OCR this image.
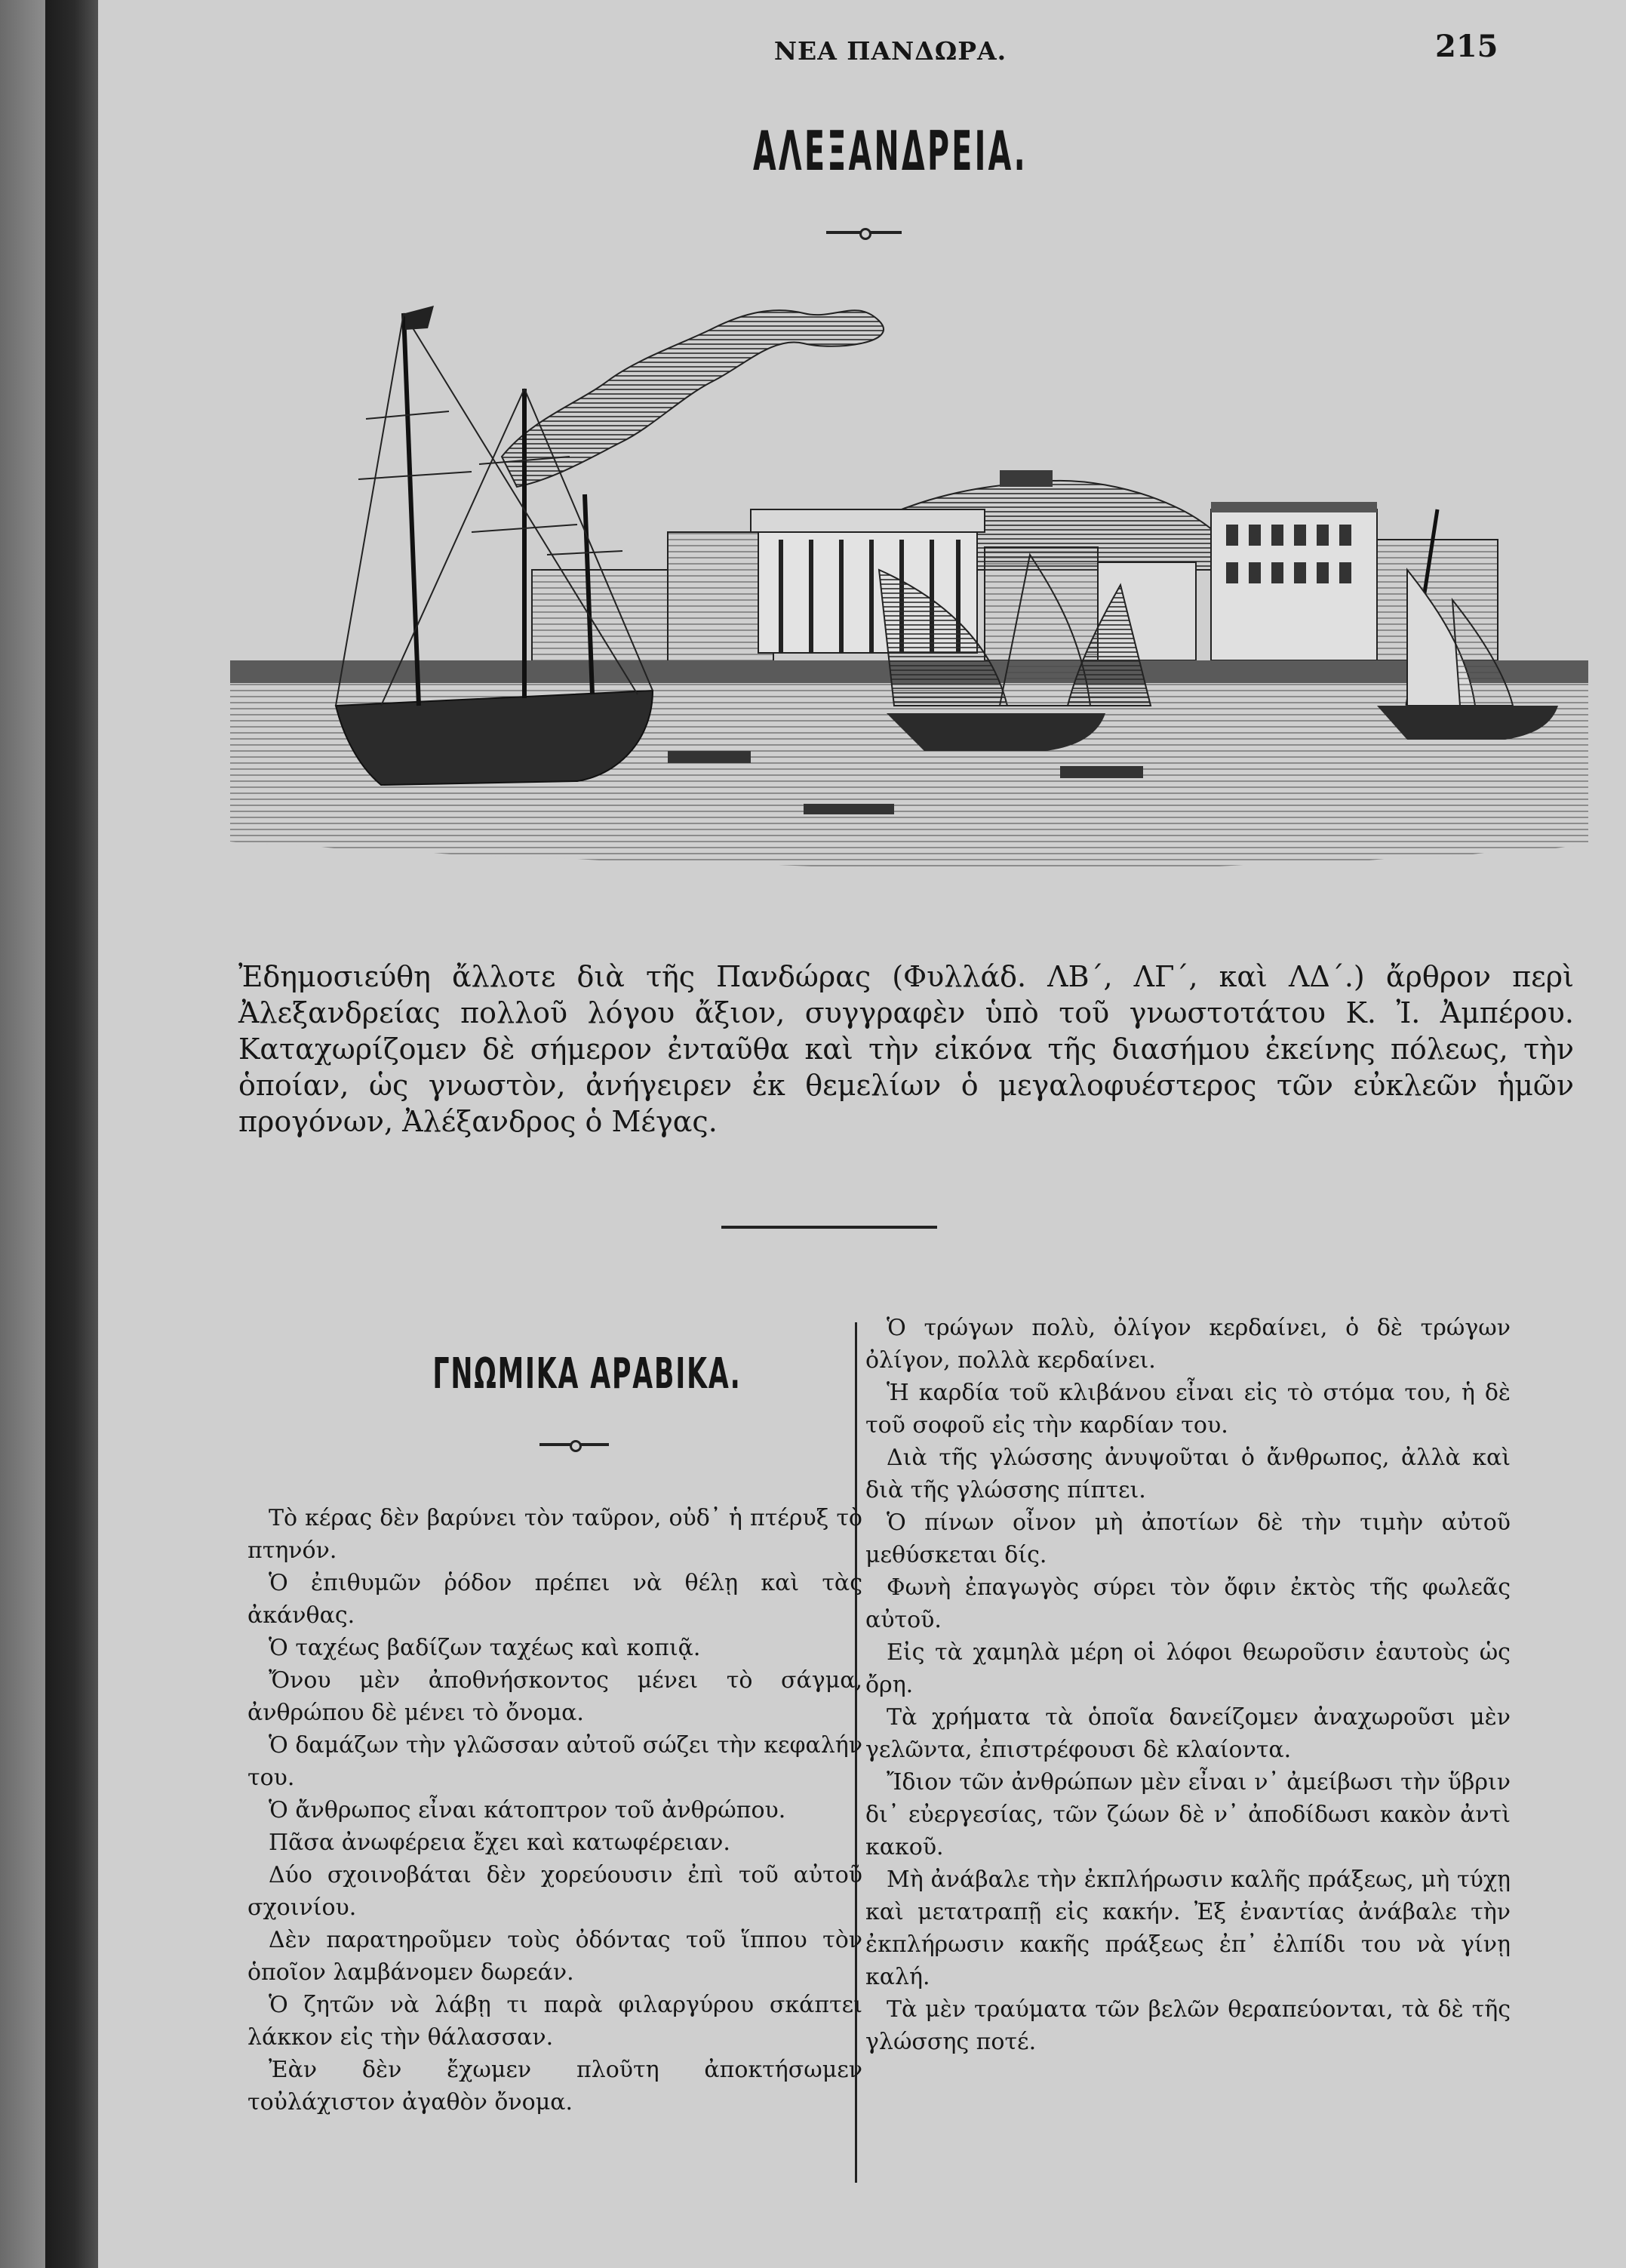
ΝΕΑ ΠΑΝΔΩΡΑ.	215
ΑΛΕΞΑΝΔΡΕΙΑ.
Ἐδημοσιεύθη ἄλλοτε διὰ τῆς Πανδώρας (Φυλλάδ. ΛΒ΄, ΛΓ΄, καὶ ΛΔ΄.) ἄρθρον περὶ Ἀλεξανδρείας πολλοῦ λόγου ἄξιον, συγγραφὲν ὑπὸ τοῦ γνωστοτάτου Κ. Ἰ. Ἀμπέρου. Καταχωρίζομεν δὲ σήμερον ἐνταῦθα καὶ τὴν εἰκόνα τῆς διασήμου ἐκείνης πόλεως, τὴν ὁποίαν, ὡς γνωστὸν, ἀνήγειρεν ἐκ θεμελίων ὁ μεγαλοφυέστερος τῶν εὐκλεῶν ἡμῶν προγόνων, Ἀλέξανδρος ὁ Μέγας.
ΓΝΩΜΙΚΑ ΑΡΑΒΙΚΑ.

Τὸ κέρας δὲν βαρύνει τὸν ταῦρον, οὐδ᾽ ἡ πτέρυξ τὸ πτηνόν.

Ὁ ἐπιθυμῶν ῥόδον πρέπει νὰ θέλῃ καὶ τὰς ἀκάνθας.

Ὁ ταχέως βαδίζων ταχέως καὶ κοπιᾷ.

Ὄνου μὲν ἀποθνήσκοντος μένει τὸ σάγμα, ἀνθρώπου δὲ μένει τὸ ὄνομα.

Ὁ δαμάζων τὴν γλῶσσαν αὐτοῦ σώζει τὴν κεφαλήν του.

Ὁ ἄνθρωπος εἶναι κάτοπτρον τοῦ ἀνθρώπου.

Πᾶσα ἀνωφέρεια ἔχει καὶ κατωφέρειαν.

Δύο σχοινοβάται δὲν χορεύουσιν ἐπὶ τοῦ αὐτοῦ σχοινίου.

Δὲν παρατηροῦμεν τοὺς ὀδόντας τοῦ ἵππου τὸν ὁποῖον λαμβάνομεν δωρεάν.

Ὁ ζητῶν νὰ λάβῃ τι παρὰ φιλαργύρου σκάπτει λάκκον εἰς τὴν θάλασσαν.

Ἐὰν δὲν ἔχωμεν πλοῦτη ἀποκτήσωμεν τοὐλάχιστον ἀγαθὸν ὄνομα.

Ὁ τρώγων πολὺ, ὀλίγον κερδαίνει, ὁ δὲ τρώγων ὀλίγον, πολλὰ κερδαίνει.

Ἡ καρδία τοῦ κλιβάνου εἶναι εἰς τὸ στόμα του, ἡ δὲ τοῦ σοφοῦ εἰς τὴν καρδίαν του.

Διὰ τῆς γλώσσης ἀνυψοῦται ὁ ἄνθρωπος, ἀλλὰ καὶ διὰ τῆς γλώσσης πίπτει.

Ὁ πίνων οἶνον μὴ ἀποτίων δὲ τὴν τιμὴν αὐτοῦ μεθύσκεται δίς.

Φωνὴ ἐπαγωγὸς σύρει τὸν ὄφιν ἐκτὸς τῆς φωλεᾶς αὐτοῦ.

Εἰς τὰ χαμηλὰ μέρη οἱ λόφοι θεωροῦσιν ἑαυτοὺς ὡς ὄρη.

Τὰ χρήματα τὰ ὁποῖα δανείζομεν ἀναχωροῦσι μὲν γελῶντα, ἐπιστρέφουσι δὲ κλαίοντα.

Ἴδιον τῶν ἀνθρώπων μὲν εἶναι ν᾽ ἀμείβωσι τὴν ὕβριν δι᾽ εὐεργεσίας, τῶν ζώων δὲ ν᾽ ἀποδίδωσι κακὸν ἀντὶ κακοῦ.

Μὴ ἀνάβαλε τὴν ἐκπλήρωσιν καλῆς πράξεως, μὴ τύχῃ καὶ μετατραπῇ εἰς κακήν. Ἐξ ἐναντίας ἀνάβαλε τὴν ἐκπλήρωσιν κακῆς πράξεως ἐπ᾽ ἐλπίδι του νὰ γίνῃ καλή.

Τὰ μὲν τραύματα τῶν βελῶν θεραπεύονται, τὰ δὲ τῆς γλώσσης ποτέ.
